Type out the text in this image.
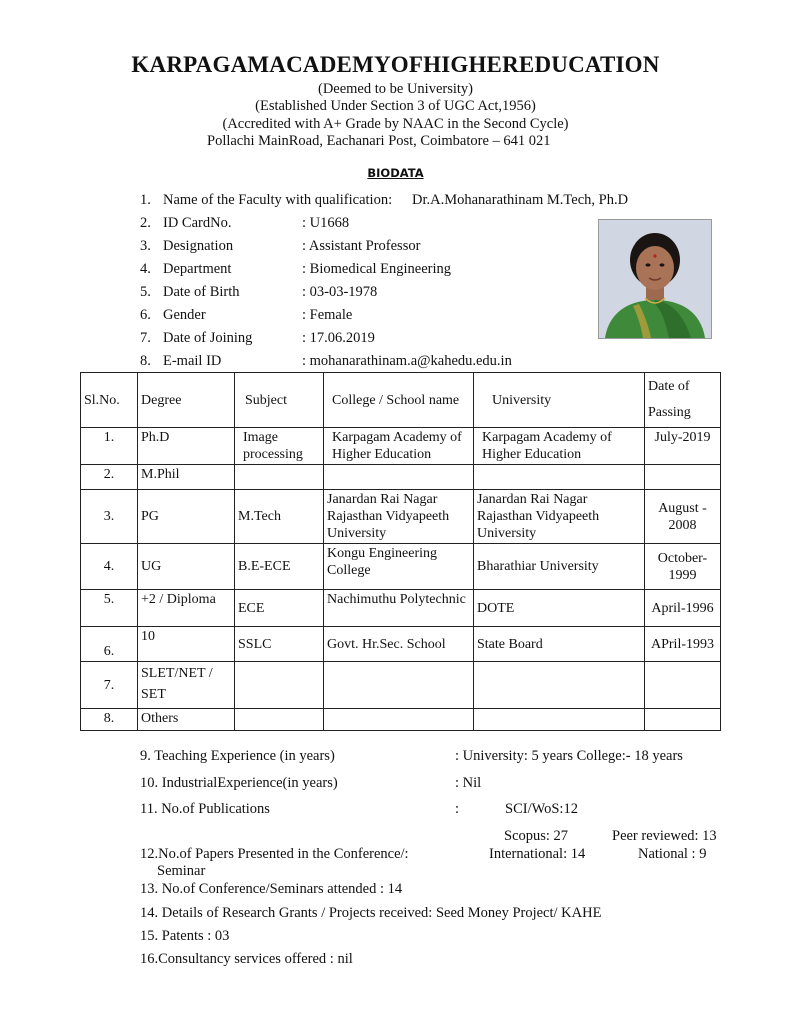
KARPAGAMACADEMYOFHIGHEREDUCATION
(Deemed to be University)
(Established Under Section 3 of UGC Act,1956)
(Accredited with A+ Grade by NAAC in the Second Cycle)
Pollachi MainRoad, Eachanari Post, Coimbatore – 641 021
BIODATA
1. Name of the Faculty with qualification: Dr.A.Mohanarathinam M.Tech, Ph.D
2. ID CardNo.	: U1668
3. Designation	: Assistant Professor
4. Department	: Biomedical Engineering
5. Date of Birth	: 03-03-1978
6. Gender	: Female
7. Date of Joining	: 17.06.2019
8. E-mail ID	: mohanarathinam.a@kahedu.edu.in
Sl.No.	Degree	Subject	College / School name	University	Date of
Passing

1.	Ph.D	Image processing	Karpagam Academy of Higher Education	Karpagam Academy of Higher Education	July-2019
2.	M.Phil				
3.	PG	M.Tech	Janardan Rai Nagar Rajasthan Vidyapeeth University	Janardan Rai Nagar Rajasthan Vidyapeeth University	August - 2008
4.	UG	B.E-ECE	Kongu Engineering College	Bharathiar University	October-1999
5.	+2 / Diploma	ECE	Nachimuthu Polytechnic	DOTE	April-1996
6.	10	SSLC	Govt. Hr.Sec. School	State Board	APril-1993
7.	SLET/NET / SET				
8.	Others				
9. Teaching Experience (in years)	: University: 5 years College:- 18 years
10. IndustrialExperience(in years)	: Nil
11. No.of Publications	:	SCI/WoS:12
Scopus: 27	Peer reviewed: 13
12.No.of Papers Presented in the Conference/:	International: 14	National : 9
Seminar
13. No.of Conference/Seminars attended : 14
14. Details of Research Grants / Projects received: Seed Money Project/ KAHE
15. Patents : 03
16.Consultancy services offered : nil
